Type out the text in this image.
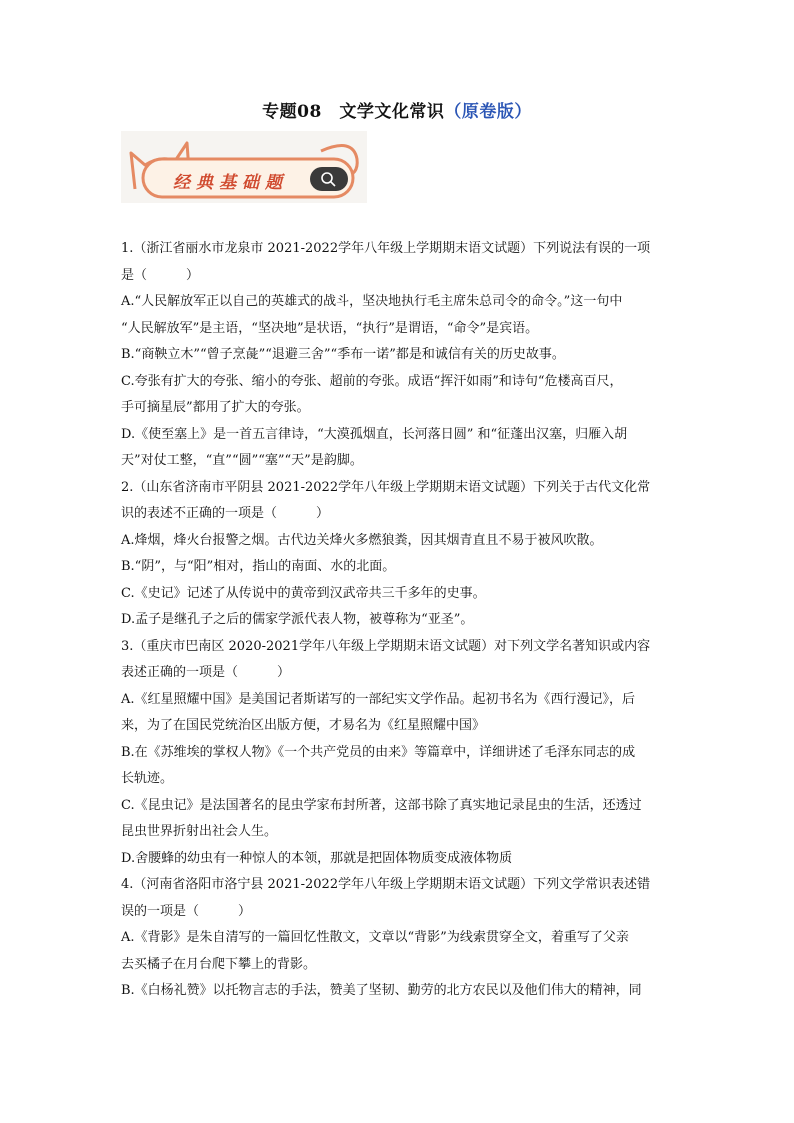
专题08　文学文化常识（原卷版）
经典基础题

1.（浙江省丽水市龙泉市 2021-2022学年八年级上学期期末语文试题）下列说法有误的一项

是（　　　）

A.“人民解放军正以自己的英雄式的战斗，坚决地执行毛主席朱总司令的命令。”这一句中

“人民解放军”是主语，“坚决地”是状语，“执行”是谓语，“命令”是宾语。

B.“商鞅立木”“曾子烹彘”“退避三舍”“季布一诺”都是和诚信有关的历史故事。

C.夸张有扩大的夸张、缩小的夸张、超前的夸张。成语“挥汗如雨”和诗句“危楼高百尺，

手可摘星辰”都用了扩大的夸张。

D.《使至塞上》是一首五言律诗，“大漠孤烟直，长河落日圆” 和“征蓬出汉塞，归雁入胡

天”对仗工整，“直”“圆”“塞”“天”是韵脚。

2.（山东省济南市平阴县 2021-2022学年八年级上学期期末语文试题）下列关于古代文化常

识的表述不正确的一项是（　　　）

A.烽烟，烽火台报警之烟。古代边关烽火多燃狼粪，因其烟青直且不易于被风吹散。

B.“阴”，与“阳”相对，指山的南面、水的北面。

C.《史记》记述了从传说中的黄帝到汉武帝共三千多年的史事。

D.孟子是继孔子之后的儒家学派代表人物，被尊称为“亚圣”。

3.（重庆市巴南区 2020-2021学年八年级上学期期末语文试题）对下列文学名著知识或内容

表述正确的一项是（　　　）

A.《红星照耀中国》是美国记者斯诺写的一部纪实文学作品。起初书名为《西行漫记》，后

来，为了在国民党统治区出版方便，才易名为《红星照耀中国》

B.在《苏维埃的掌权人物》《一个共产党员的由来》等篇章中，详细讲述了毛泽东同志的成

长轨迹。

C.《昆虫记》是法国著名的昆虫学家布封所著，这部书除了真实地记录昆虫的生活，还透过

昆虫世界折射出社会人生。

D.舍腰蜂的幼虫有一种惊人的本领，那就是把固体物质变成液体物质

4.（河南省洛阳市洛宁县 2021-2022学年八年级上学期期末语文试题）下列文学常识表述错

误的一项是（　　　）

A.《背影》是朱自清写的一篇回忆性散文，文章以“背影”为线索贯穿全文，着重写了父亲

去买橘子在月台爬下攀上的背影。

B.《白杨礼赞》以托物言志的手法，赞美了坚韧、勤劳的北方农民以及他们伟大的精神，同
